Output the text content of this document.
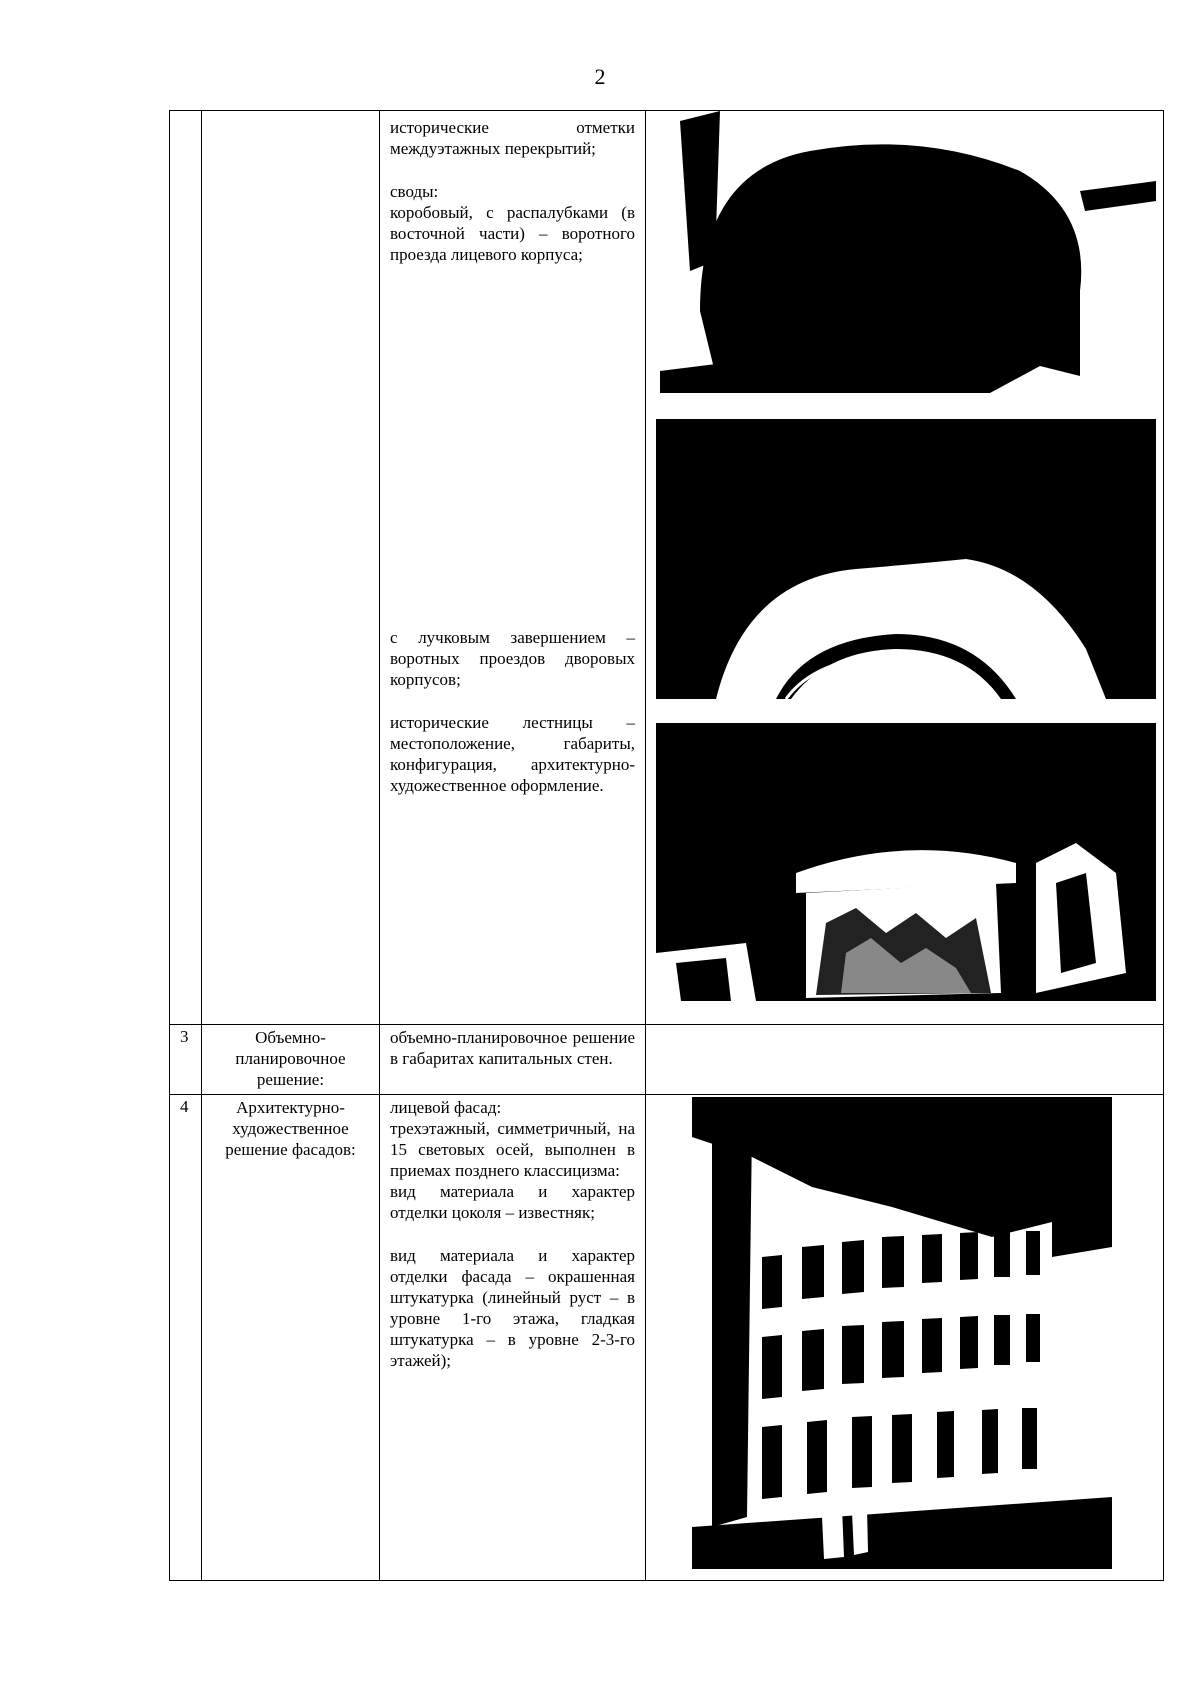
2

		исторические отметки междуэтажных перекрытий;

своды:
коробовый, с распалубками (в восточной части) – воротного проезда лицевого корпуса;

с лучковым завершением – воротных проездов дворовых корпусов;

исторические лестницы – местоположение, габариты, конфигурация, архитектурно-художественное оформление.

3	Объемно-планировочное решение:	объемно-планировочное решение в габаритах капитальных стен.	

4	Архитектурно-художественное решение фасадов:	лицевой фасад:
трехэтажный, симметричный, на 15 световых осей, выполнен в приемах позднего классицизма:
вид материала и характер отделки цоколя – известняк;

вид материала и характер отделки фасада – окрашенная штукатурка (линейный руст – в уровне 1-го этажа, гладкая штукатурка – в уровне 2-3-го этажей);
